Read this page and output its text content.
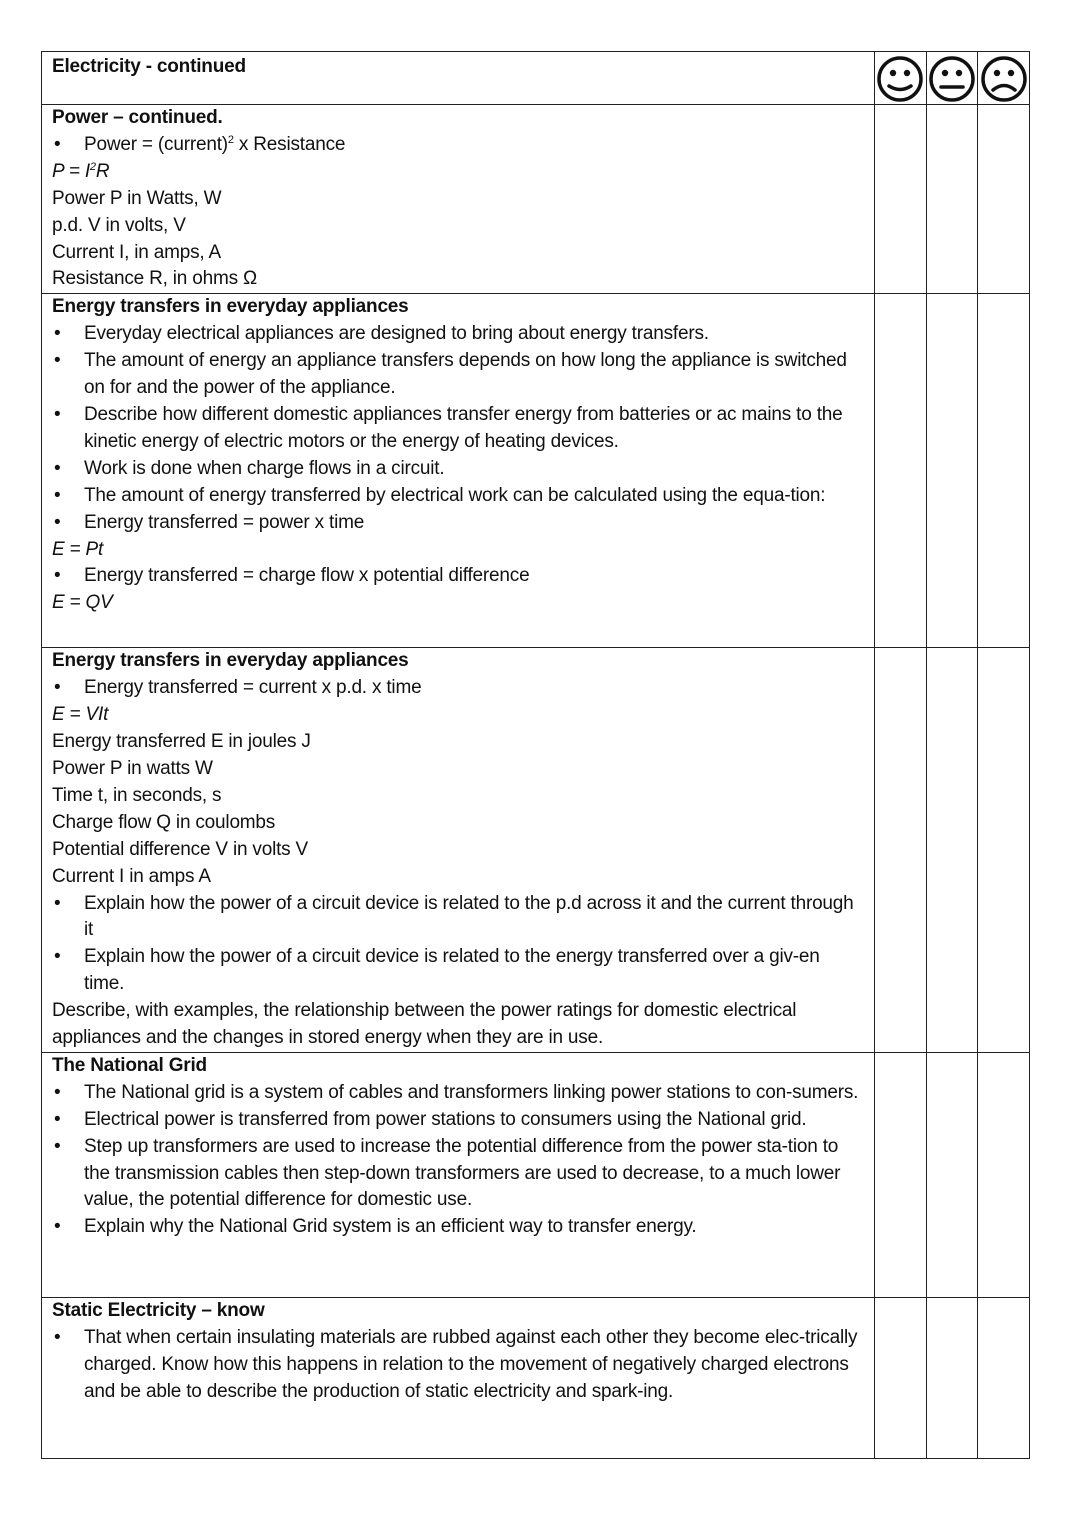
Electricity - continued

Power – continued.
• Power = (current)$^2$ x Resistance
$P = I^2R$
Power P in Watts, W
p.d. V in volts, V
Current I, in amps, A
Resistance R, in ohms Ω

Energy transfers in everyday appliances
• Everyday electrical appliances are designed to bring about energy transfers.
• The amount of energy an appliance transfers depends on how long the appliance is switched on for and the power of the appliance.
• Describe how different domestic appliances transfer energy from batteries or ac mains to the kinetic energy of electric motors or the energy of heating devices.
• Work is done when charge flows in a circuit.
• The amount of energy transferred by electrical work can be calculated using the equa-tion:
• Energy transferred = power x time
E = Pt
• Energy transferred = charge flow x potential difference
E = QV

Energy transfers in everyday appliances
• Energy transferred = current x p.d. x time
E = VIt
Energy transferred E in joules J
Power P in watts W
Time t, in seconds, s
Charge flow Q in coulombs
Potential difference V in volts V
Current I in amps A
• Explain how the power of a circuit device is related to the p.d across it and the current through it
• Explain how the power of a circuit device is related to the energy transferred over a giv-en time.
Describe, with examples, the relationship between the power ratings for domestic electrical appliances and the changes in stored energy when they are in use.

The National Grid
• The National grid is a system of cables and transformers linking power stations to con-sumers.
• Electrical power is transferred from power stations to consumers using the National grid.
• Step up transformers are used to increase the potential difference from the power sta-tion to the transmission cables then step-down transformers are used to decrease, to a much lower value, the potential difference for domestic use.
• Explain why the National Grid system is an efficient way to transfer energy.

Static Electricity – know
• That when certain insulating materials are rubbed against each other they become elec-trically charged. Know how this happens in relation to the movement of negatively charged electrons and be able to describe the production of static electricity and spark-ing.			
